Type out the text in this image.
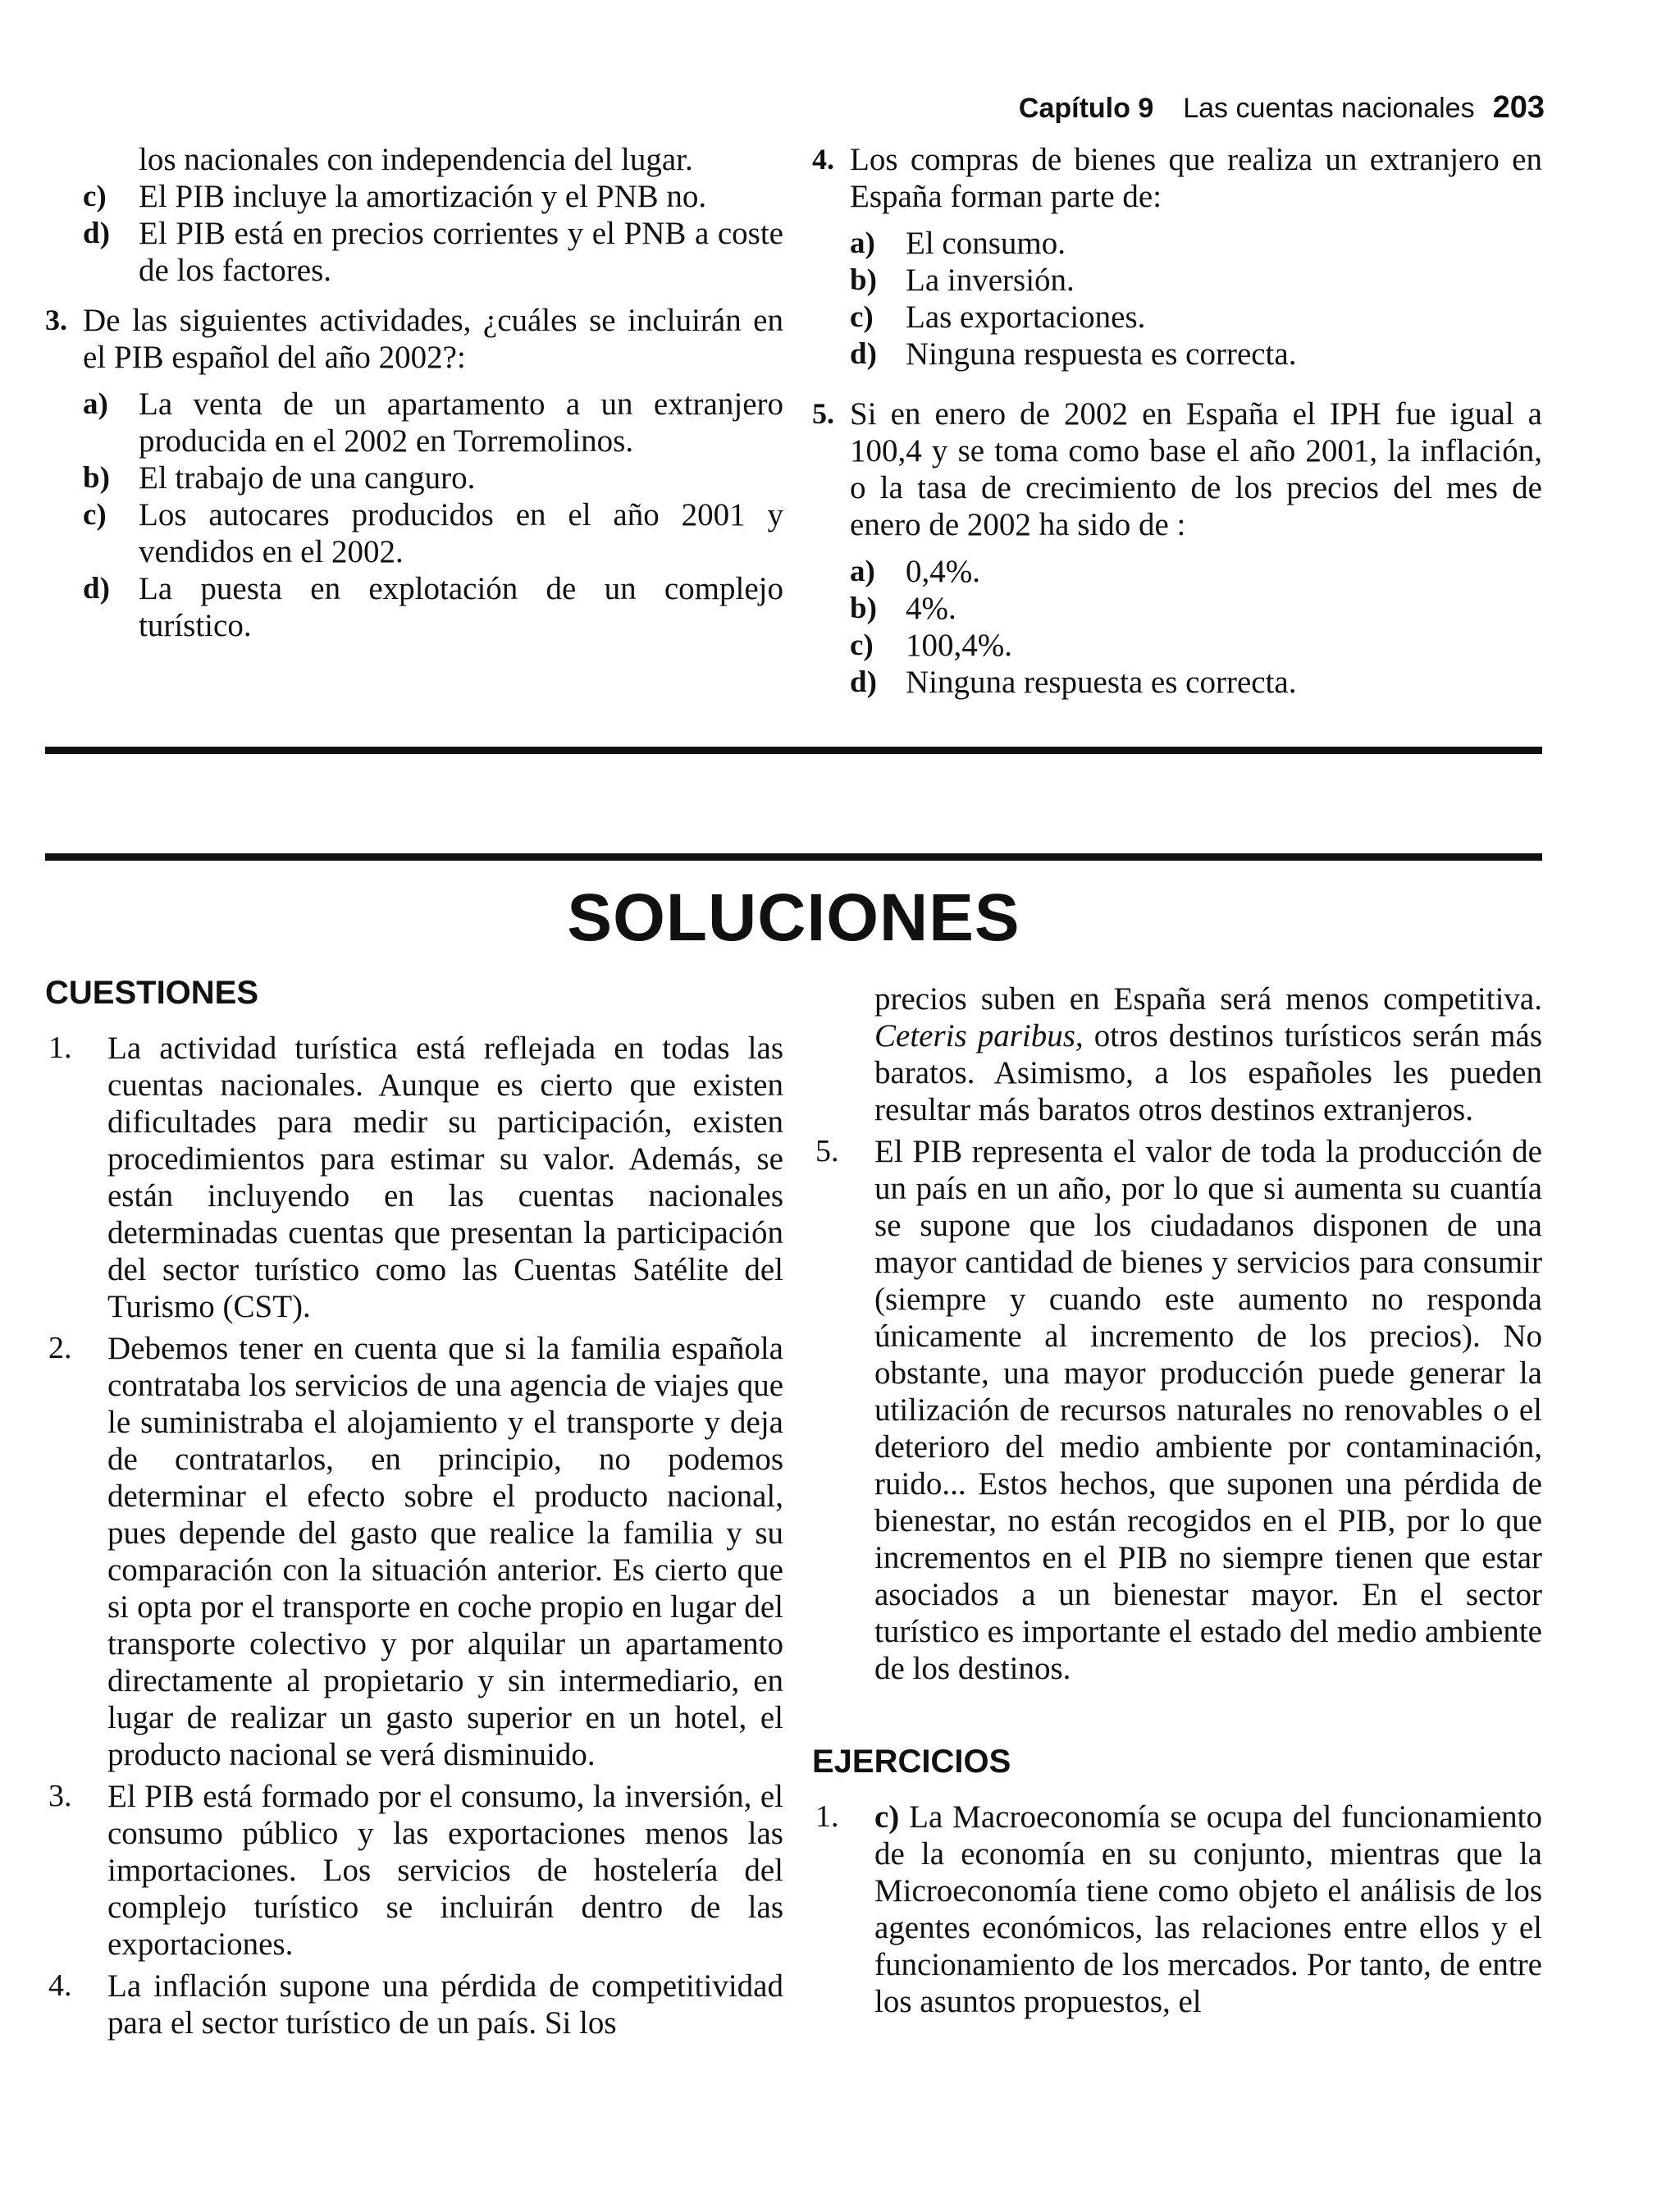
Capítulo 9 Las cuentas nacionales 203
los nacionales con independencia del lugar.
c)	El PIB incluye la amortización y el PNB no.
d) El PIB está en precios corrientes y el PNB a coste de los factores.
3. De las siguientes actividades, ¿cuáles se incluirán en el PIB español del año 2002?:
a) La venta de un apartamento a un extranjero producida en el 2002 en Torremolinos.
b) El trabajo de una canguro.
c)	Los autocares producidos en el año 2001 y vendidos en el 2002.
d) La puesta en explotación de un complejo turístico.
4. Los compras de bienes que realiza un extranjero en España forman parte de:
a) El consumo.
b) La inversión.
c)	Las exportaciones.
d) Ninguna respuesta es correcta.
5. Si en enero de 2002 en España el IPH fue igual a 100,4 y se toma como base el año 2001, la inflación, o la tasa de crecimiento de los precios del mes de enero de 2002 ha sido de :
a) 0,4%.
b) 4%.
c)	100,4%.
d) Ninguna respuesta es correcta.
SOLUCIONES
CUESTIONES
1.	La actividad turística está reflejada en todas las cuentas nacionales. Aunque es cierto que existen dificultades para medir su participación, existen procedimientos para estimar su valor. Además, se están incluyendo en las cuentas nacionales determinadas cuentas que presentan la participación del sector turístico como las Cuentas Satélite del Turismo (CST).
2.	Debemos tener en cuenta que si la familia española contrataba los servicios de una agencia de viajes que le suministraba el alojamiento y el transporte y deja de contratarlos, en principio, no podemos determinar el efecto sobre el producto nacional, pues depende del gasto que realice la familia y su comparación con la situación anterior. Es cierto que si opta por el transporte en coche propio en lugar del transporte colectivo y por alquilar un apartamento directamente al propietario y sin intermediario, en lugar de realizar un gasto superior en un hotel, el producto nacional se verá disminuido.
3.	El PIB está formado por el consumo, la inversión, el consumo público y las exportaciones menos las importaciones. Los servicios de hostelería del complejo turístico se incluirán dentro de las exportaciones.
4.	La inflación supone una pérdida de competitividad para el sector turístico de un país. Si los
precios suben en España será menos competitiva. Ceteris paribus, otros destinos turísticos serán más baratos. Asimismo, a los españoles les pueden resultar más baratos otros destinos extranjeros.
5.	El PIB representa el valor de toda la producción de un país en un año, por lo que si aumenta su cuantía se supone que los ciudadanos disponen de una mayor cantidad de bienes y servicios para consumir (siempre y cuando este aumento no responda únicamente al incremento de los precios). No obstante, una mayor producción puede generar la utilización de recursos naturales no renovables o el deterioro del medio ambiente por contaminación, ruido... Estos hechos, que suponen una pérdida de bienestar, no están recogidos en el PIB, por lo que incrementos en el PIB no siempre tienen que estar asociados a un bienestar mayor. En el sector turístico es importante el estado del medio ambiente de los destinos.
EJERCICIOS
1.	c) La Macroeconomía se ocupa del funcionamiento de la economía en su conjunto, mientras que la Microeconomía tiene como objeto el análisis de los agentes económicos, las relaciones entre ellos y el funcionamiento de los mercados. Por tanto, de entre los asuntos propuestos, el
